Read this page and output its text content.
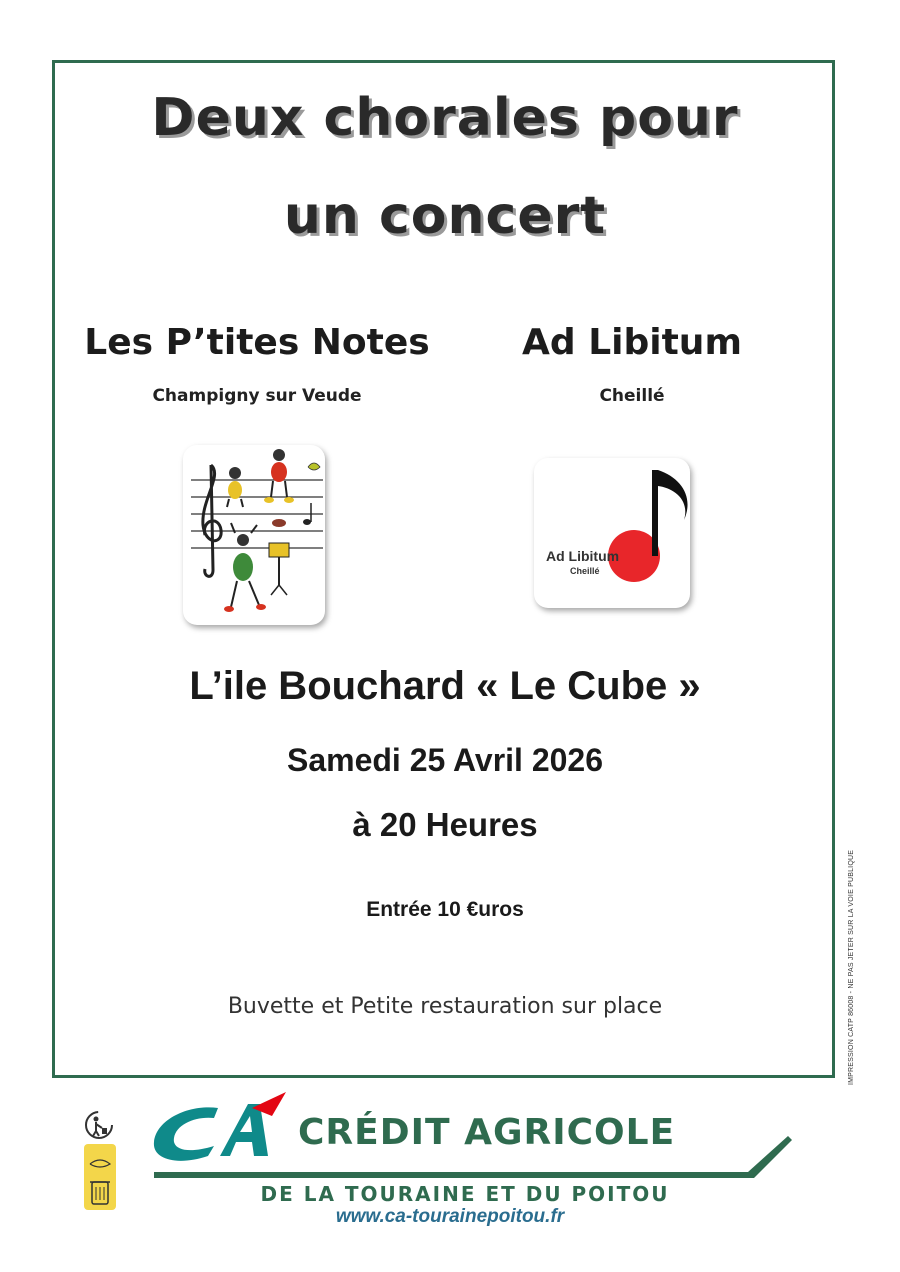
Deux chorales pour
un concert
Les P’tites Notes
Champigny sur Veude
Ad Libitum
Cheillé
Ad Libitum
Cheillé
L’ile Bouchard « Le Cube »
Samedi 25 Avril 2026
à 20 Heures
Entrée 10 €uros
Buvette et Petite restauration sur place	IMPRESSION CATP 86008 - NE PAS JETER SUR LA VOIE PUBLIQUE
CRÉDIT AGRICOLE
DE LA TOURAINE ET DU POITOU
www.ca-tourainepoitou.fr
